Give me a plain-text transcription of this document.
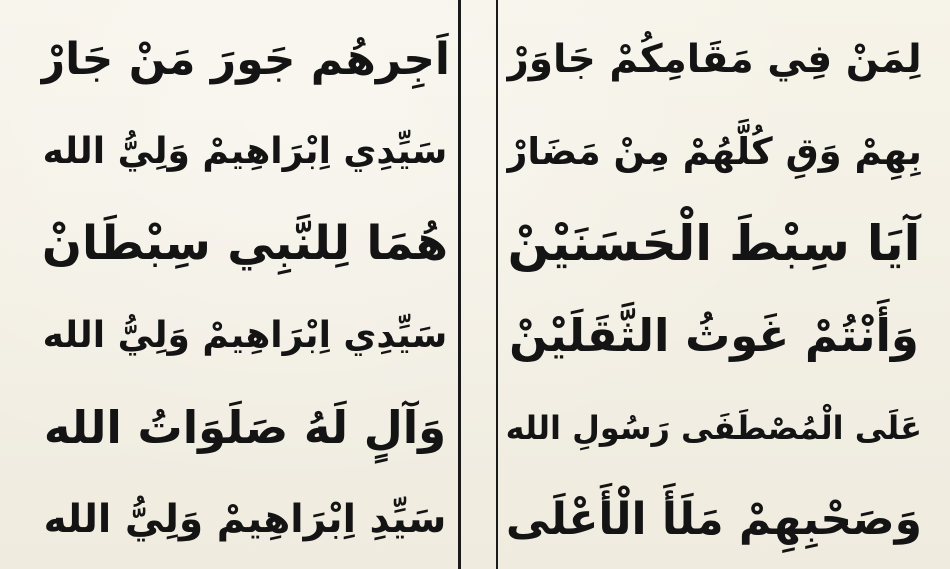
اَجِرهُم جَورَ مَنْ جَارْ
سَيِّدِي اِبْرَاهِيمْ وَلِيُّ الله
هُمَا لِلنَّبِي سِبْطَانْ
سَيِّدِي اِبْرَاهِيمْ وَلِيُّ الله
وَآلٍ لَهُ صَلَوَاتُ الله
سَيِّدِ اِبْرَاهِيمْ وَلِيُّ الله
لِمَنْ فِي مَقَامِكُمْ جَاوَرْ
بِهِمْ وَقِ كُلَّهُمْ مِنْ مَضَارْ
آيَا سِبْطَ الْحَسَنَيْنْ
وَأَنْتُمْ غَوثُ الثَّقَلَيْنْ
عَلَى الْمُصْطَفَى رَسُولِ الله
وَصَحْبِهِمْ مَلَأَ الْأَعْلَى
